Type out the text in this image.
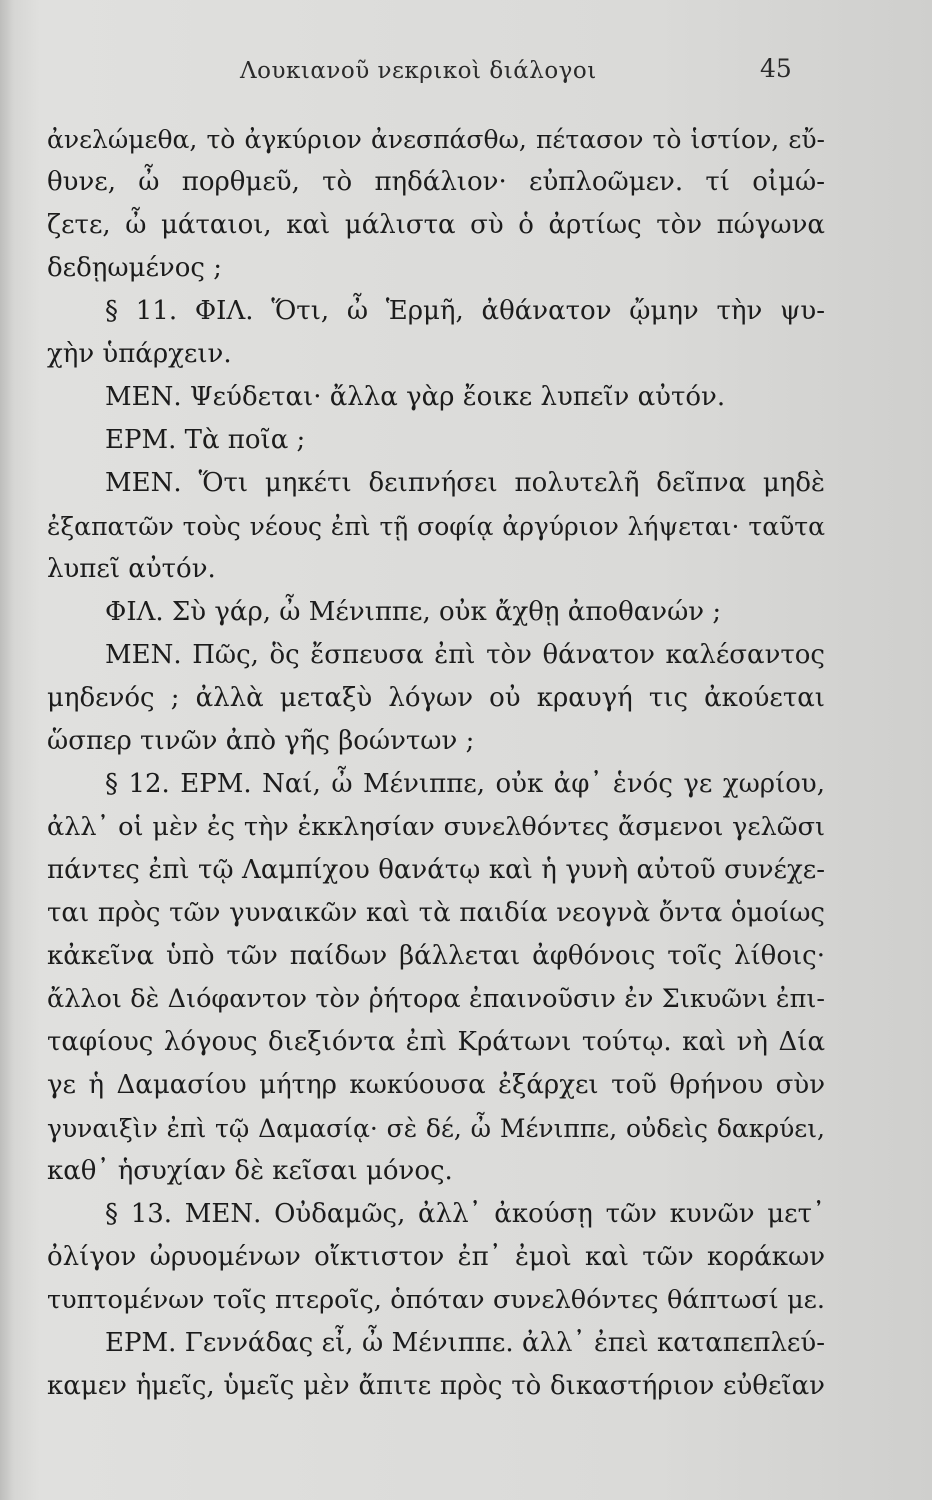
Λουκιανοῦ νεκρικοὶ διάλογοι	45
ἀνελώμεθα, τὸ ἀγκύριον ἀνεσπάσθω, πέτασον τὸ ἱστίον, εὔ-
θυνε, ὦ πορθμεῦ, τὸ πηδάλιον· εὐπλοῶμεν. τί οἰμώ-
ζετε, ὦ μάταιοι, καὶ μάλιστα σὺ ὁ ἀρτίως τὸν πώγωνα
δεδῃωμένος ;
§ 11. ΦΙΛ. Ὅτι, ὦ Ἑρμῆ, ἀθάνατον ᾤμην τὴν ψυ-
χὴν ὑπάρχειν.
ΜΕΝ. Ψεύδεται· ἄλλα γὰρ ἔοικε λυπεῖν αὐτόν.
ΕΡΜ. Τὰ ποῖα ;
ΜΕΝ. Ὅτι μηκέτι δειπνήσει πολυτελῆ δεῖπνα μηδὲ
ἐξαπατῶν τοὺς νέους ἐπὶ τῇ σοφίᾳ ἀργύριον λήψεται· ταῦτα
λυπεῖ αὐτόν.
ΦΙΛ. Σὺ γάρ, ὦ Μένιππε, οὐκ ἄχθῃ ἀποθανών ;
ΜΕΝ. Πῶς, ὃς ἔσπευσα ἐπὶ τὸν θάνατον καλέσαντος
μηδενός ; ἀλλὰ μεταξὺ λόγων οὐ κραυγή τις ἀκούεται
ὥσπερ τινῶν ἀπὸ γῆς βοώντων ;
§ 12. ΕΡΜ. Ναί, ὦ Μένιππε, οὐκ ἀφ᾽ ἑνός γε χωρίου,
ἀλλ᾽ οἱ μὲν ἐς τὴν ἐκκλησίαν συνελθόντες ἄσμενοι γελῶσι
πάντες ἐπὶ τῷ Λαμπίχου θανάτῳ καὶ ἡ γυνὴ αὐτοῦ συνέχε-
ται πρὸς τῶν γυναικῶν καὶ τὰ παιδία νεογνὰ ὄντα ὁμοίως
κἀκεῖνα ὑπὸ τῶν παίδων βάλλεται ἀφθόνοις τοῖς λίθοις·
ἄλλοι δὲ Διόφαντον τὸν ῥήτορα ἐπαινοῦσιν ἐν Σικυῶνι ἐπι-
ταφίους λόγους διεξιόντα ἐπὶ Κράτωνι τούτῳ. καὶ νὴ Δία
γε ἡ Δαμασίου μήτηρ κωκύουσα ἐξάρχει τοῦ θρήνου σὺν
γυναιξὶν ἐπὶ τῷ Δαμασίᾳ· σὲ δέ, ὦ Μένιππε, οὐδεὶς δακρύει,
καθ᾽ ἡσυχίαν δὲ κεῖσαι μόνος.
§ 13. ΜΕΝ. Οὐδαμῶς, ἀλλ᾽ ἀκούσῃ τῶν κυνῶν μετ᾽
ὀλίγον ὠρυομένων οἴκτιστον ἐπ᾽ ἐμοὶ καὶ τῶν κοράκων
τυπτομένων τοῖς πτεροῖς, ὁπόταν συνελθόντες θάπτωσί με.
ΕΡΜ. Γεννάδας εἶ, ὦ Μένιππε. ἀλλ᾽ ἐπεὶ καταπεπλεύ-
καμεν ἡμεῖς, ὑμεῖς μὲν ἄπιτε πρὸς τὸ δικαστήριον εὐθεῖαν
